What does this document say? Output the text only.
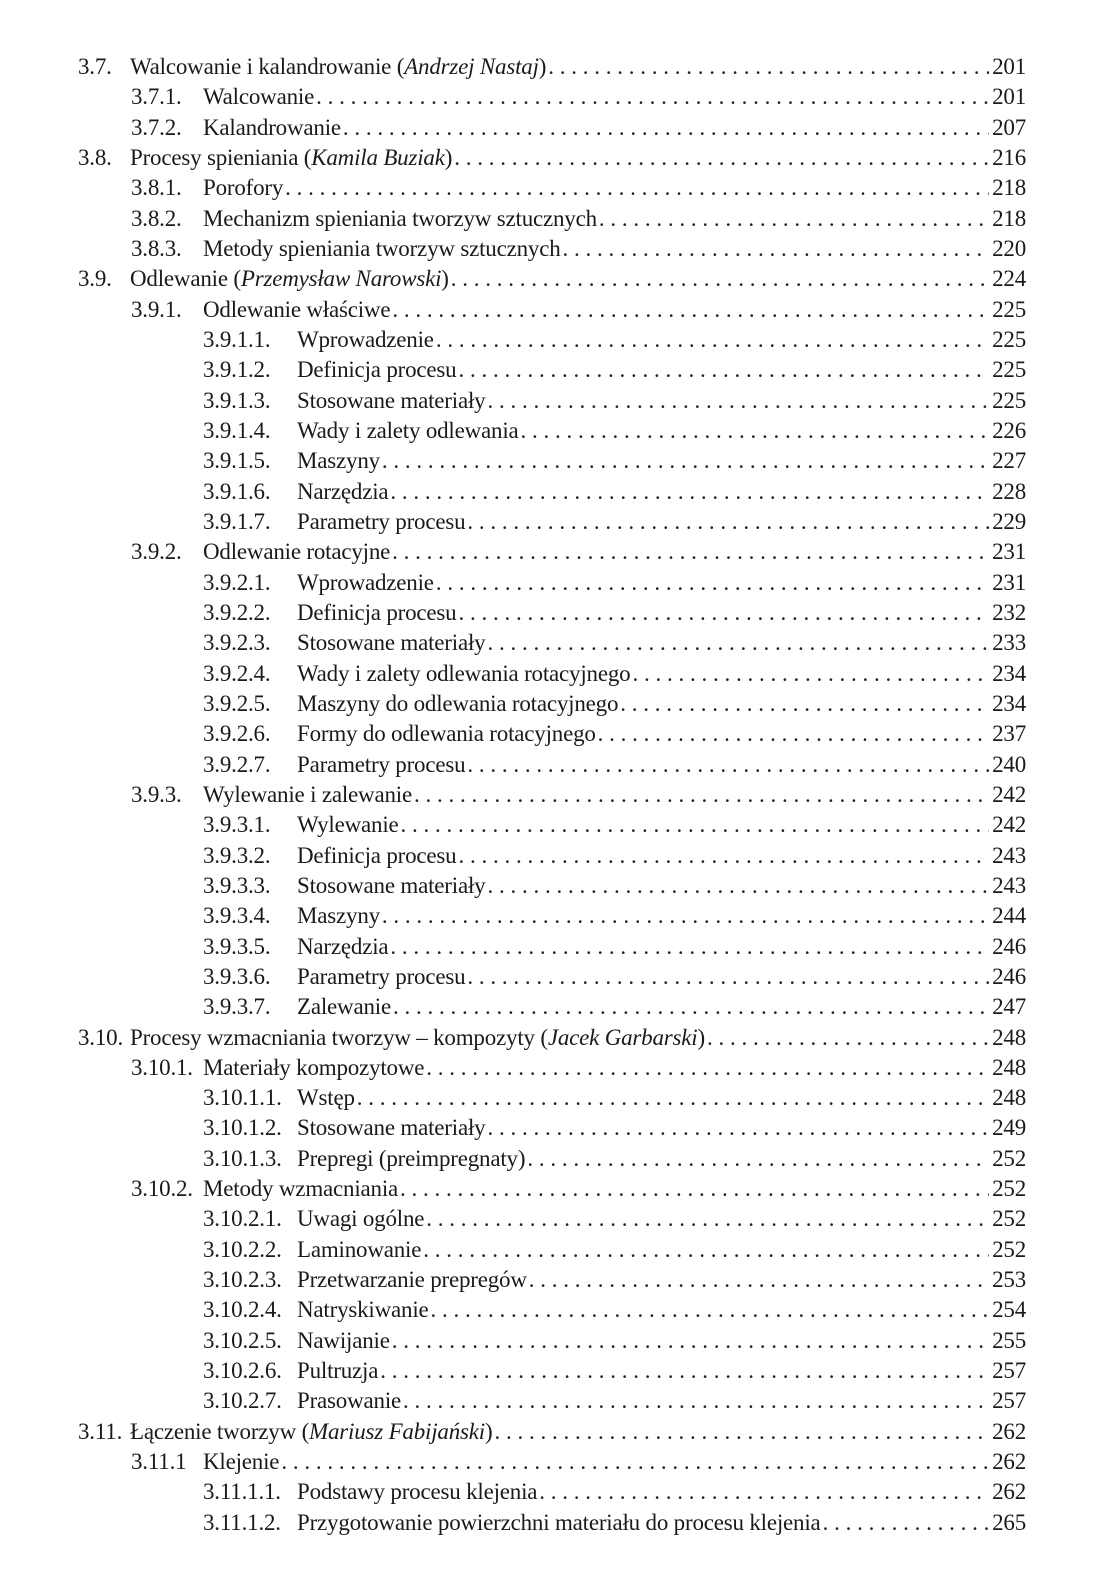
3.7. Walcowanie i kalandrowanie (Andrzej Nastaj) . . .	201
3.7.1. Walcowanie . . .	201
3.7.2. Kalandrowanie . . .	207
3.8. Procesy spieniania (Kamila Buziak) . . .	216
3.8.1. Porofory . . .	218
3.8.2. Mechanizm spieniania tworzyw sztucznych . . .	218
3.8.3. Metody spieniania tworzyw sztucznych . . .	220
3.9. Odlewanie (Przemysław Narowski) . . .	224
3.9.1. Odlewanie właściwe . . .	225
3.9.1.1.	Wprowadzenie . . .	225
3.9.1.2.	Definicja procesu . . .	225
3.9.1.3.	Stosowane materiały . . .	225
3.9.1.4.	Wady i zalety odlewania . . .	226
3.9.1.5.	Maszyny . . .	227
3.9.1.6.	Narzędzia . . .	228
3.9.1.7.	Parametry procesu . . .	229
3.9.2. Odlewanie rotacyjne . . .	231
3.9.2.1.	Wprowadzenie . . .	231
3.9.2.2.	Definicja procesu . . .	232
3.9.2.3.	Stosowane materiały . . .	233
3.9.2.4.	Wady i zalety odlewania rotacyjnego . . .	234
3.9.2.5.	Maszyny do odlewania rotacyjnego . . .	234
3.9.2.6.	Formy do odlewania rotacyjnego . . .	237
3.9.2.7.	Parametry procesu . . .	240
3.9.3. Wylewanie i zalewanie . . .	242
3.9.3.1.	Wylewanie . . .	242
3.9.3.2.	Definicja procesu . . .	243
3.9.3.3.	Stosowane materiały . . .	243
3.9.3.4.	Maszyny . . .	244
3.9.3.5.	Narzędzia . . .	246
3.9.3.6.	Parametry procesu . . .	246
3.9.3.7.	Zalewanie . . .	247
3.10. Procesy wzmacniania tworzyw – kompozyty (Jacek Garbarski) . . .	248
3.10.1. Materiały kompozytowe . . .	248
3.10.1.1. Wstęp . . .	248
3.10.1.2. Stosowane materiały . . .	249
3.10.1.3. Prepregi (preimpregnaty) . . .	252
3.10.2. Metody wzmacniania . . .	252
3.10.2.1. Uwagi ogólne . . .	252
3.10.2.2. Laminowanie . . .	252
3.10.2.3. Przetwarzanie prepregów . . .	253
3.10.2.4. Natryskiwanie . . .	254
3.10.2.5. Nawijanie . . .	255
3.10.2.6. Pultruzja . . .	257
3.10.2.7. Prasowanie . . .	257
3.11. Łączenie tworzyw (Mariusz Fabijański) . . .	262
3.11.1 Klejenie . . .	262
3.11.1.1. Podstawy procesu klejenia . . .	262
3.11.1.2. Przygotowanie powierzchni materiału do procesu klejenia . . .	265
